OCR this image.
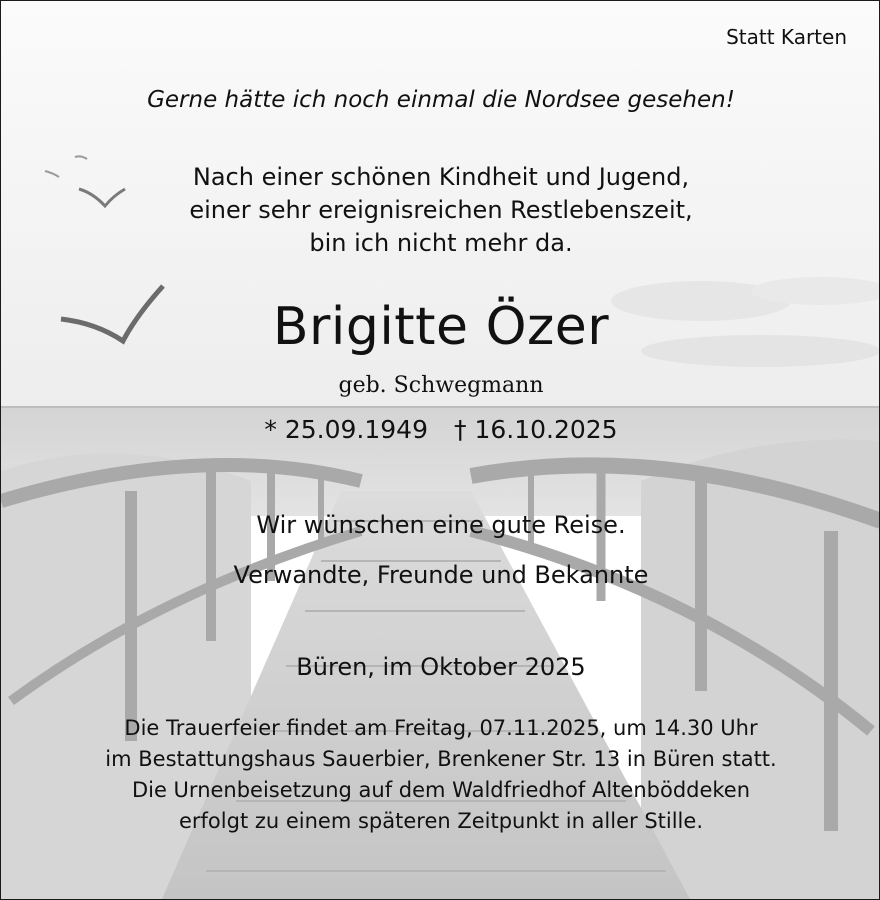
Statt Karten
Gerne hätte ich noch einmal die Nordsee gesehen!
Nach einer schönen Kindheit und Jugend,
einer sehr ereignisreichen Restlebenszeit,
bin ich nicht mehr da.
Brigitte Özer
geb. Schwegmann
* 25.09.1949 † 16.10.2025
Wir wünschen eine gute Reise.
Verwandte, Freunde und Bekannte
Büren, im Oktober 2025
Die Trauerfeier findet am Freitag, 07.11.2025, um 14.30 Uhr
im Bestattungshaus Sauerbier, Brenkener Str. 13 in Büren statt.
Die Urnenbeisetzung auf dem Waldfriedhof Altenböddeken
erfolgt zu einem späteren Zeitpunkt in aller Stille.
